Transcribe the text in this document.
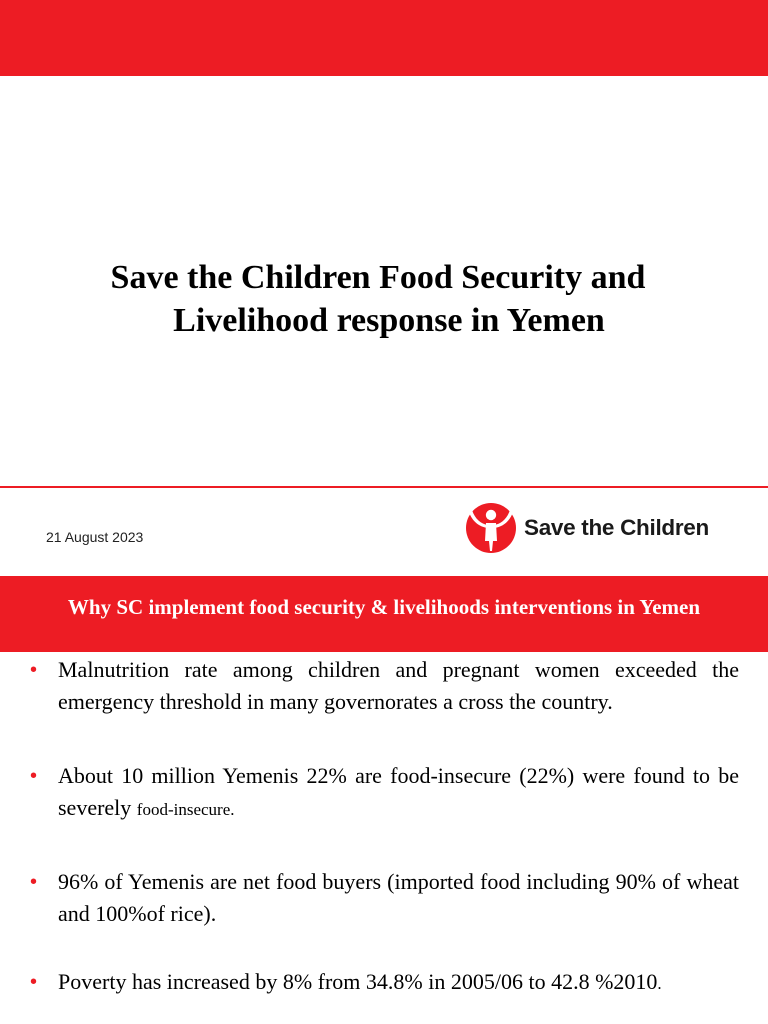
Save the Children Food Security and
Livelihood response in Yemen
21 August 2023	Save the Children
Why SC implement food security & livelihoods interventions in Yemen
• Malnutrition rate among children and pregnant women exceeded the emergency threshold in many governorates a cross the country.

• About 10 million Yemenis 22% are food-insecure (22%) were found to be severely food-insecure.

• 96% of Yemenis are net food buyers (imported food including 90% of wheat and 100%of rice).

• Poverty has increased by 8% from 34.8% in 2005/06 to 42.8 %2010.
